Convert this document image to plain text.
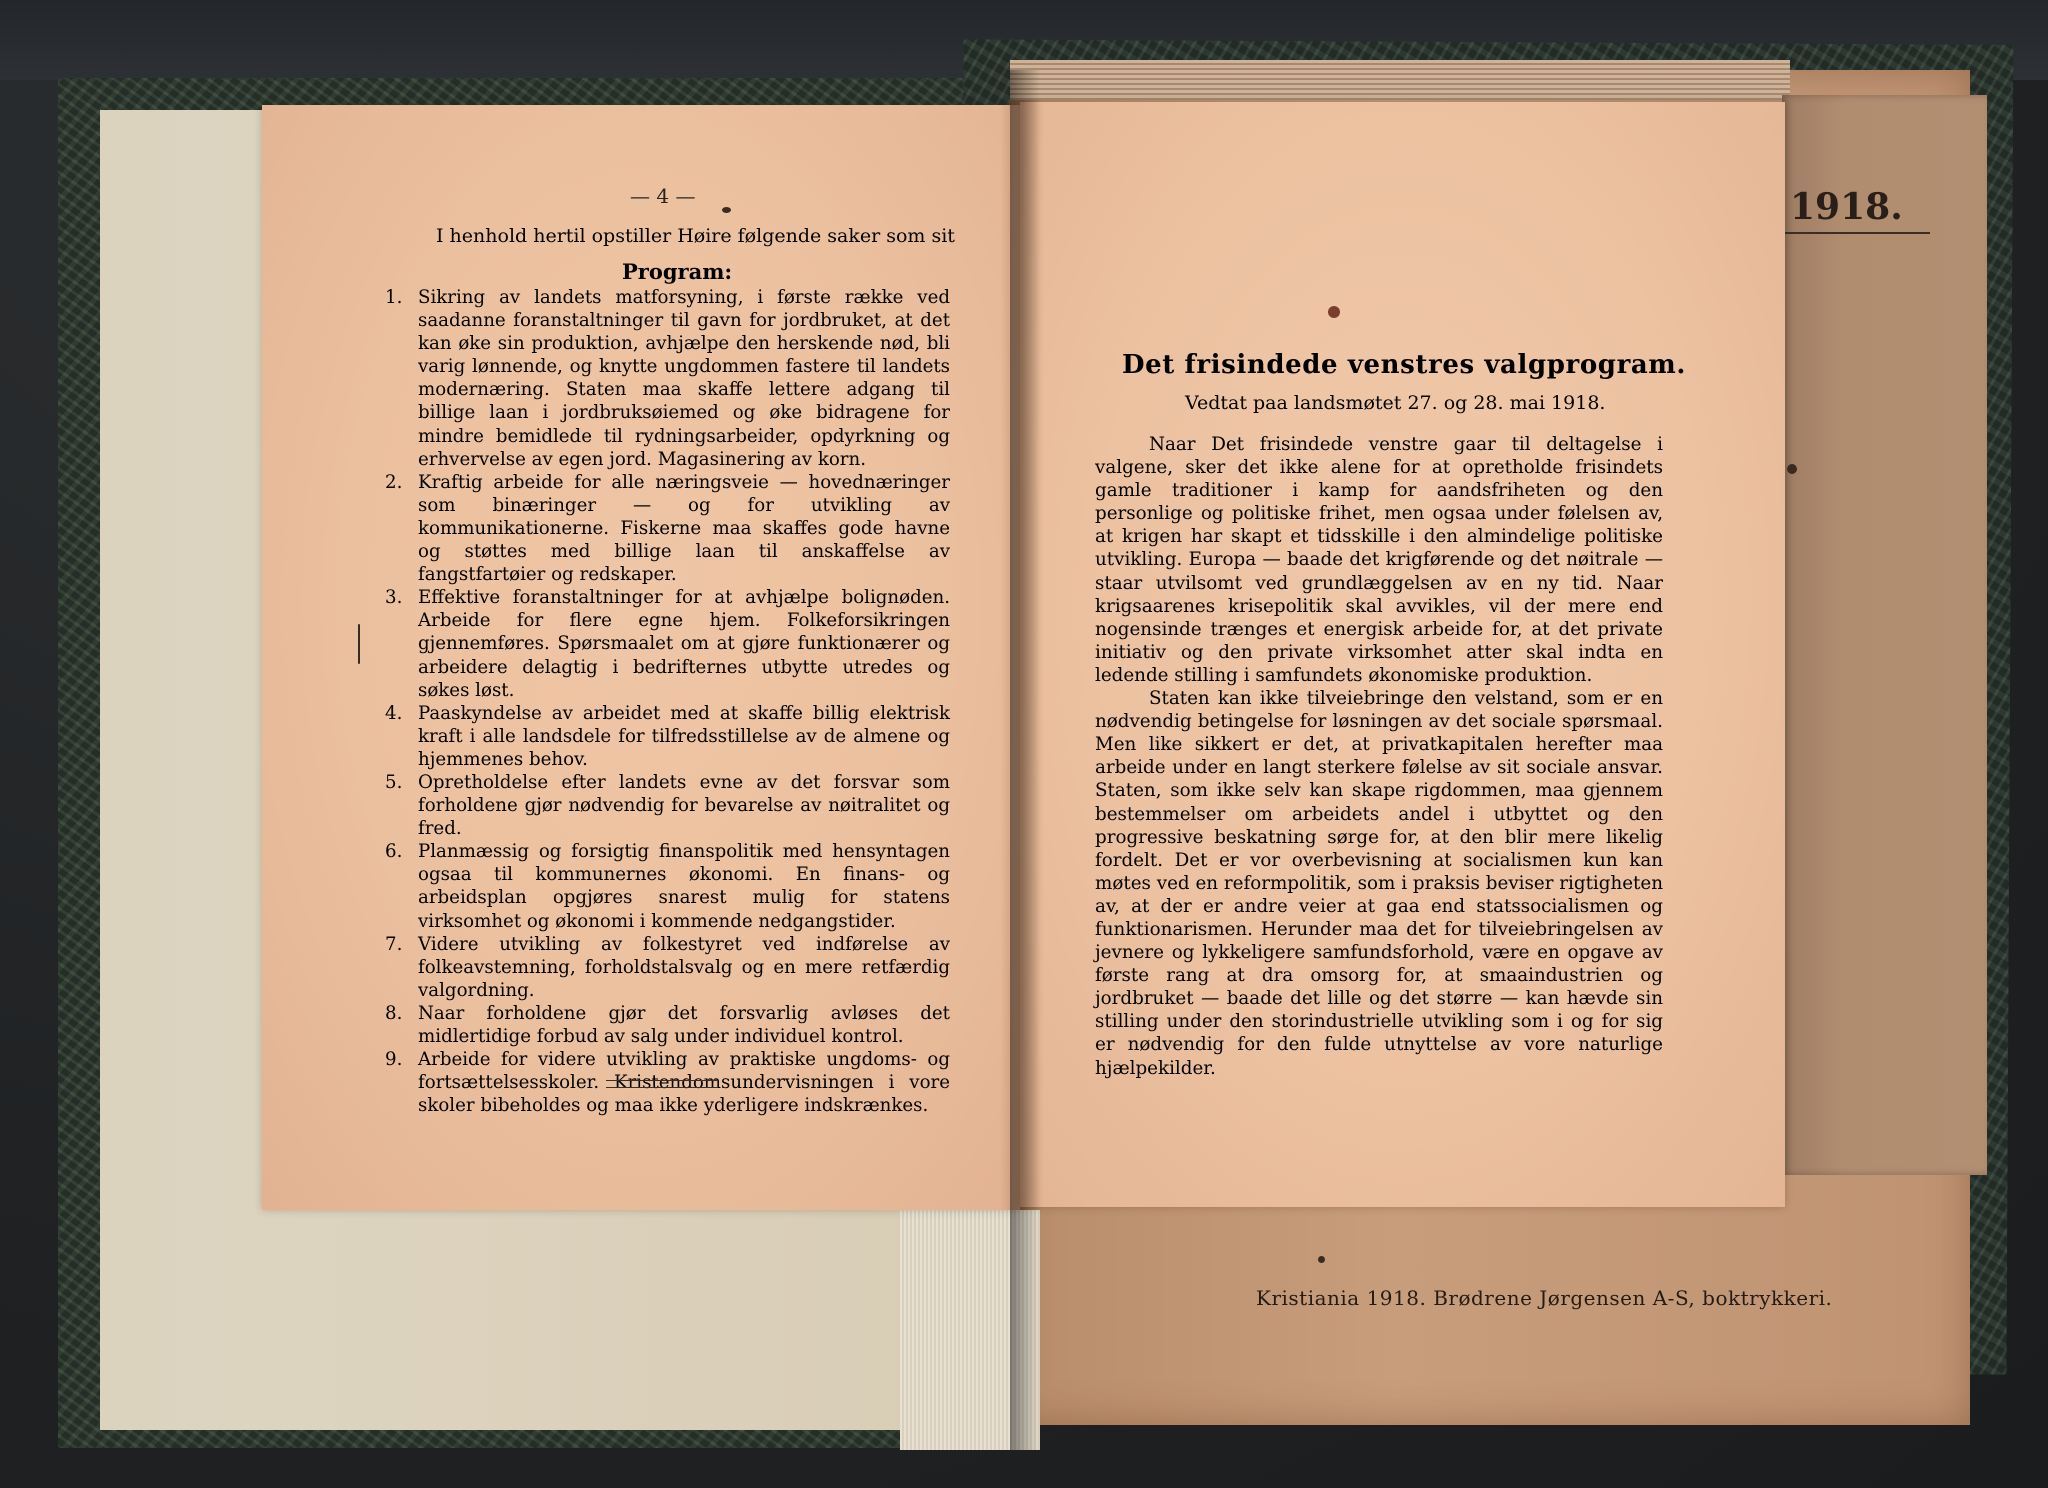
1918.
Kristiania 1918. Brødrene Jørgensen A-S, boktrykkeri.
— 4 —
I henhold hertil opstiller Høire følgende saker som sit
Program:
1. Sikring av landets matforsyning, i første række ved saadanne foranstaltninger til gavn for jordbruket, at det kan øke sin produktion, avhjælpe den herskende nød, bli varig lønnende, og knytte ungdommen fastere til landets modernæring. Staten maa skaffe lettere adgang til billige laan i jordbruksøiemed og øke bidragene for mindre bemidlede til rydningsarbeider, opdyrkning og erhvervelse av egen jord. Magasinering av korn.
2. Kraftig arbeide for alle næringsveie — hovednæringer som binæringer — og for utvikling av kommunikationerne. Fiskerne maa skaffes gode havne og støttes med billige laan til anskaffelse av fangstfartøier og redskaper.
3. Effektive foranstaltninger for at avhjælpe bolignøden. Arbeide for flere egne hjem. Folkeforsikringen gjennemføres. Spørsmaalet om at gjøre funktionærer og arbeidere delagtig i bedrifternes utbytte utredes og søkes løst.
4. Paaskyndelse av arbeidet med at skaffe billig elektrisk kraft i alle landsdele for tilfredsstillelse av de almene og hjemmenes behov.
5. Opretholdelse efter landets evne av det forsvar som forholdene gjør nødvendig for bevarelse av nøitralitet og fred.
6. Planmæssig og forsigtig finanspolitik med hensyntagen ogsaa til kommunernes økonomi. En finans- og arbeidsplan opgjøres snarest mulig for statens virksomhet og økonomi i kommende nedgangstider.
7. Videre utvikling av folkestyret ved indførelse av folkeavstemning, forholdstalsvalg og en mere retfærdig valgordning.
8. Naar forholdene gjør det forsvarlig avløses det midlertidige forbud av salg under individuel kontrol.
9. Arbeide for videre utvikling av praktiske ungdoms- og fortsættelsesskoler. Kristendomsundervisningen i vore skoler bibeholdes og maa ikke yderligere indskrænkes.
Det frisindede venstres valgprogram.
Vedtat paa landsmøtet 27. og 28. mai 1918.

Naar Det frisindede venstre gaar til deltagelse i valgene, sker det ikke alene for at opretholde frisindets gamle traditioner i kamp for aandsfriheten og den personlige og politiske frihet, men ogsaa under følelsen av, at krigen har skapt et tidsskille i den almindelige politiske utvikling. Europa — baade det krigførende og det nøitrale — staar utvilsomt ved grundlæggelsen av en ny tid. Naar krigsaarenes krisepolitik skal avvikles, vil der mere end nogensinde trænges et energisk arbeide for, at det private initiativ og den private virksomhet atter skal indta en ledende stilling i samfundets økonomiske produktion.

Staten kan ikke tilveiebringe den velstand, som er en nødvendig betingelse for løsningen av det sociale spørsmaal. Men like sikkert er det, at privatkapitalen herefter maa arbeide under en langt sterkere følelse av sit sociale ansvar. Staten, som ikke selv kan skape rigdommen, maa gjennem bestemmelser om arbeidets andel i utbyttet og den progressive beskatning sørge for, at den blir mere likelig fordelt. Det er vor overbevisning at socialismen kun kan møtes ved en reformpolitik, som i praksis beviser rigtigheten av, at der er andre veier at gaa end statssocialismen og funktionarismen. Herunder maa det for tilveiebringelsen av jevnere og lykkeligere samfundsforhold, være en opgave av første rang at dra omsorg for, at smaaindustrien og jordbruket — baade det lille og det større — kan hævde sin stilling under den storindustrielle utvikling som i og for sig er nødvendig for den fulde utnyttelse av vore naturlige hjælpekilder.
